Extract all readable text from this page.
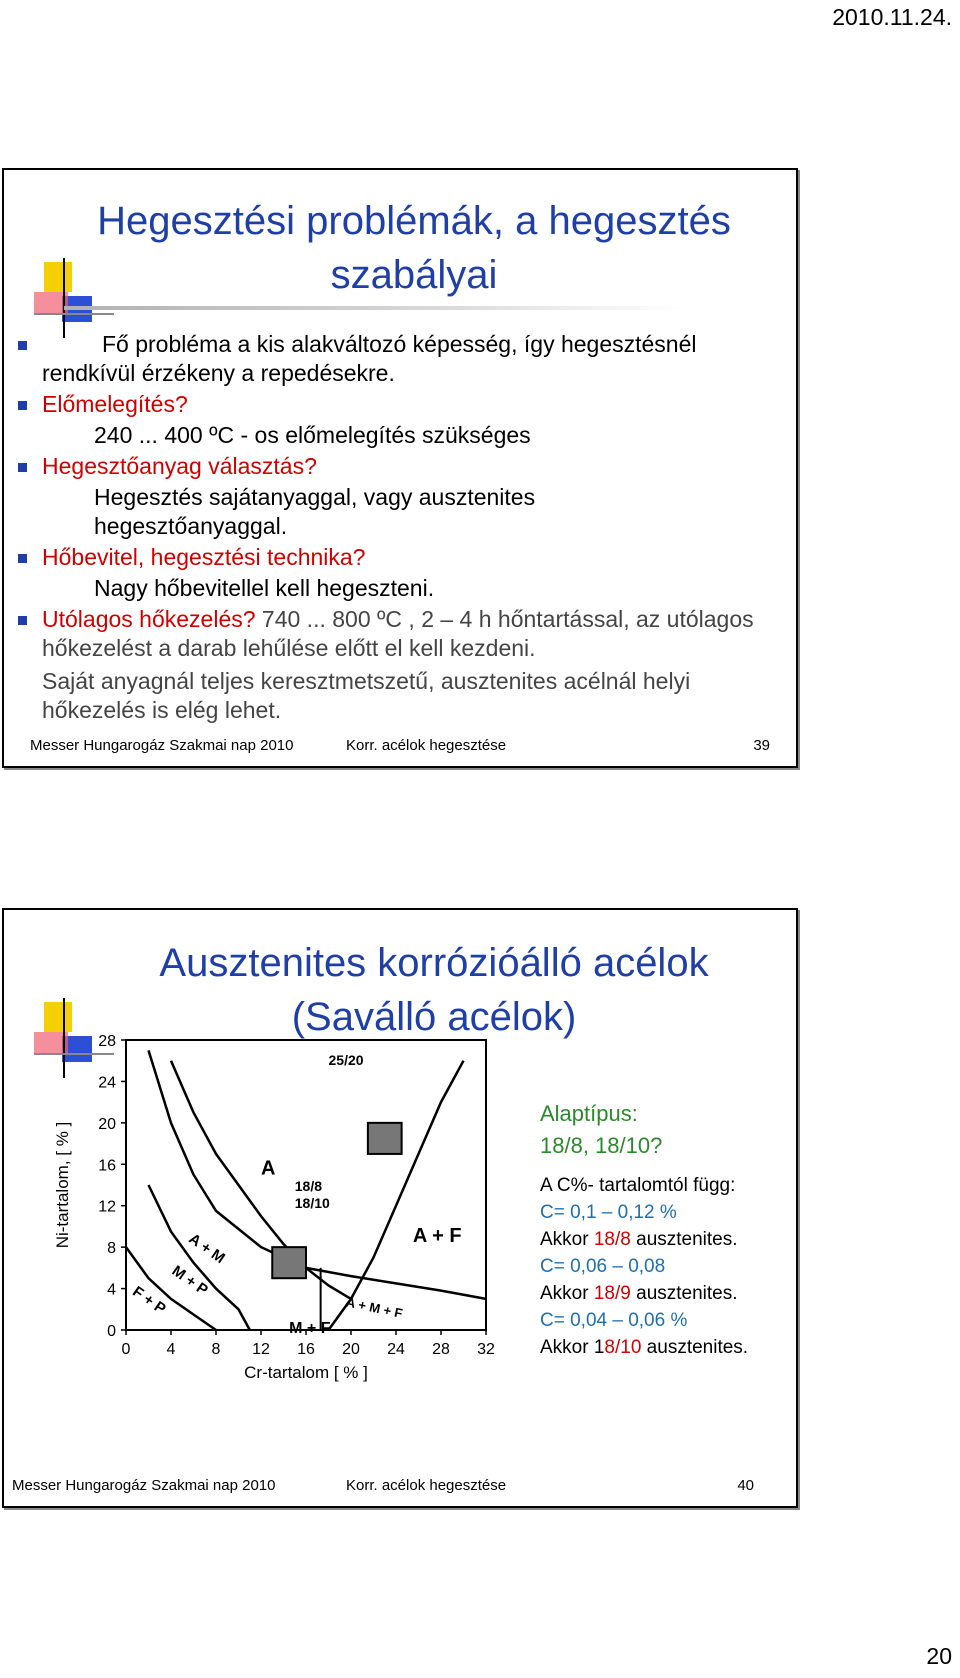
2010.11.24.
Hegesztési problémák, a hegesztés
szabályai
Fő probléma a kis alakváltozó képesség, így hegesztésnél rendkívül érzékeny a repedésekre.
Előmelegítés?
240 ... 400 ºC - os előmelegítés szükséges
Hegesztőanyag választás?
Hegesztés sajátanyaggal, vagy ausztenites
hegesztőanyaggal.
Hőbevitel, hegesztési technika?
Nagy hőbevitellel kell hegeszteni.
Utólagos hőkezelés? 740 ... 800 ºC , 2 – 4 h hőntartással, az utólagos hőkezelést a darab lehűlése előtt el kell kezdeni.
Saját anyagnál teljes keresztmetszetű, ausztenites acélnál helyi hőkezelés is elég lehet.
Messer Hungarogáz Szakmai nap 2010	Korr. acélok hegesztése	39
Ausztenites korrózióálló acélok
(Saválló acélok)
0 4 8 12 16 20 24 28 32
28
24
20
16
12
8
4
0
Cr-tartalom [ % ]
Ni-tartalom, [ % ]	A
A + M
M + P
F + P
M + F
A + M + F
A + F
18/8
18/10
25/20
Alaptípus:
18/8, 18/10?
A C%- tartalomtól függ:
C= 0,1 – 0,12 %
Akkor 18/8 ausztenites.
C= 0,06 – 0,08
Akkor 18/9 ausztenites.
C= 0,04 – 0,06 %
Akkor 18/10 ausztenites.
Messer Hungarogáz Szakmai nap 2010	Korr. acélok hegesztése	40
20
